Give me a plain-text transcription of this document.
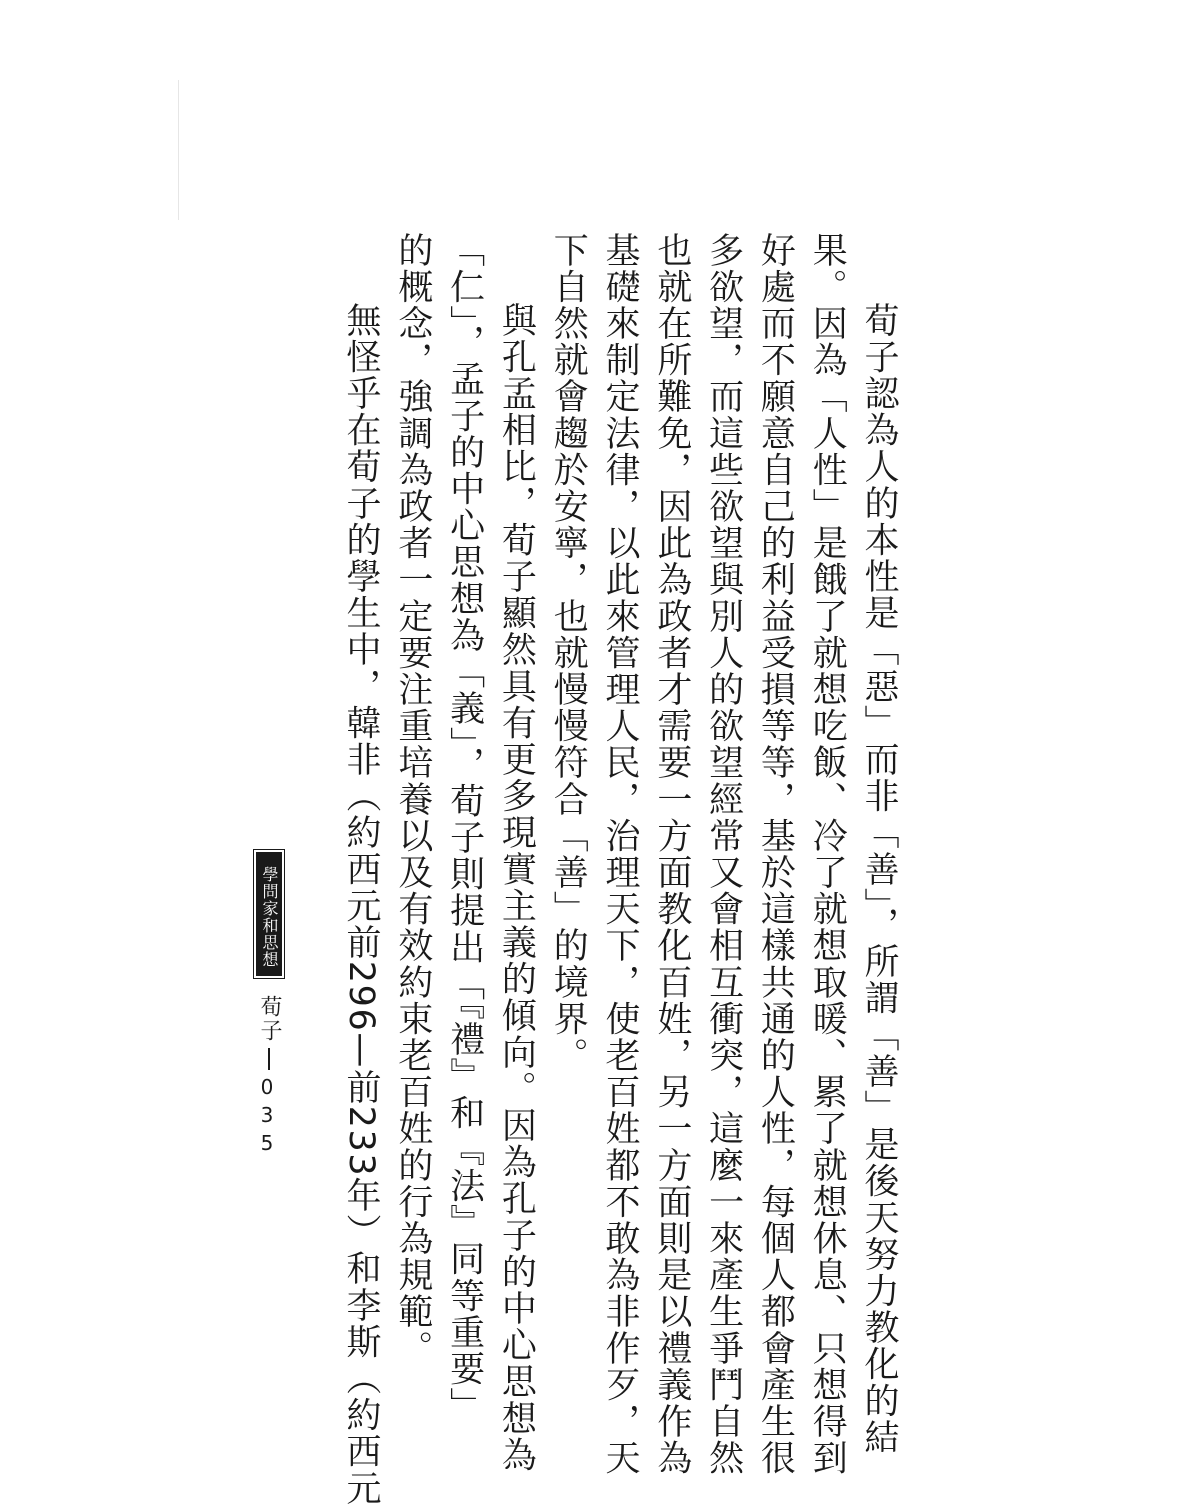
荀子認為人的本性是「惡」而非「善」，所謂「善」是後天努力教化的結
果。因為「人性」是餓了就想吃飯、冷了就想取暖、累了就想休息、只想得到
好處而不願意自己的利益受損等等，基於這樣共通的人性，每個人都會產生很
多欲望，而這些欲望與別人的欲望經常又會相互衝突，這麼一來產生爭鬥自然
也就在所難免，因此為政者才需要一方面教化百姓，另一方面則是以禮義作為
基礎來制定法律，以此來管理人民，治理天下，使老百姓都不敢為非作歹，天
下自然就會趨於安寧，也就慢慢符合「善」的境界。
與孔孟相比，荀子顯然具有更多現實主義的傾向。因為孔子的中心思想為
「仁」，孟子的中心思想為「義」，荀子則提出「『禮』和『法』同等重要」
的概念，強調為政者一定要注重培養以及有效約束老百姓的行為規範。
無怪乎在荀子的學生中，韓非（約西元前296—前233年）和李斯（約西元
學問家和思想家
荀子
035
